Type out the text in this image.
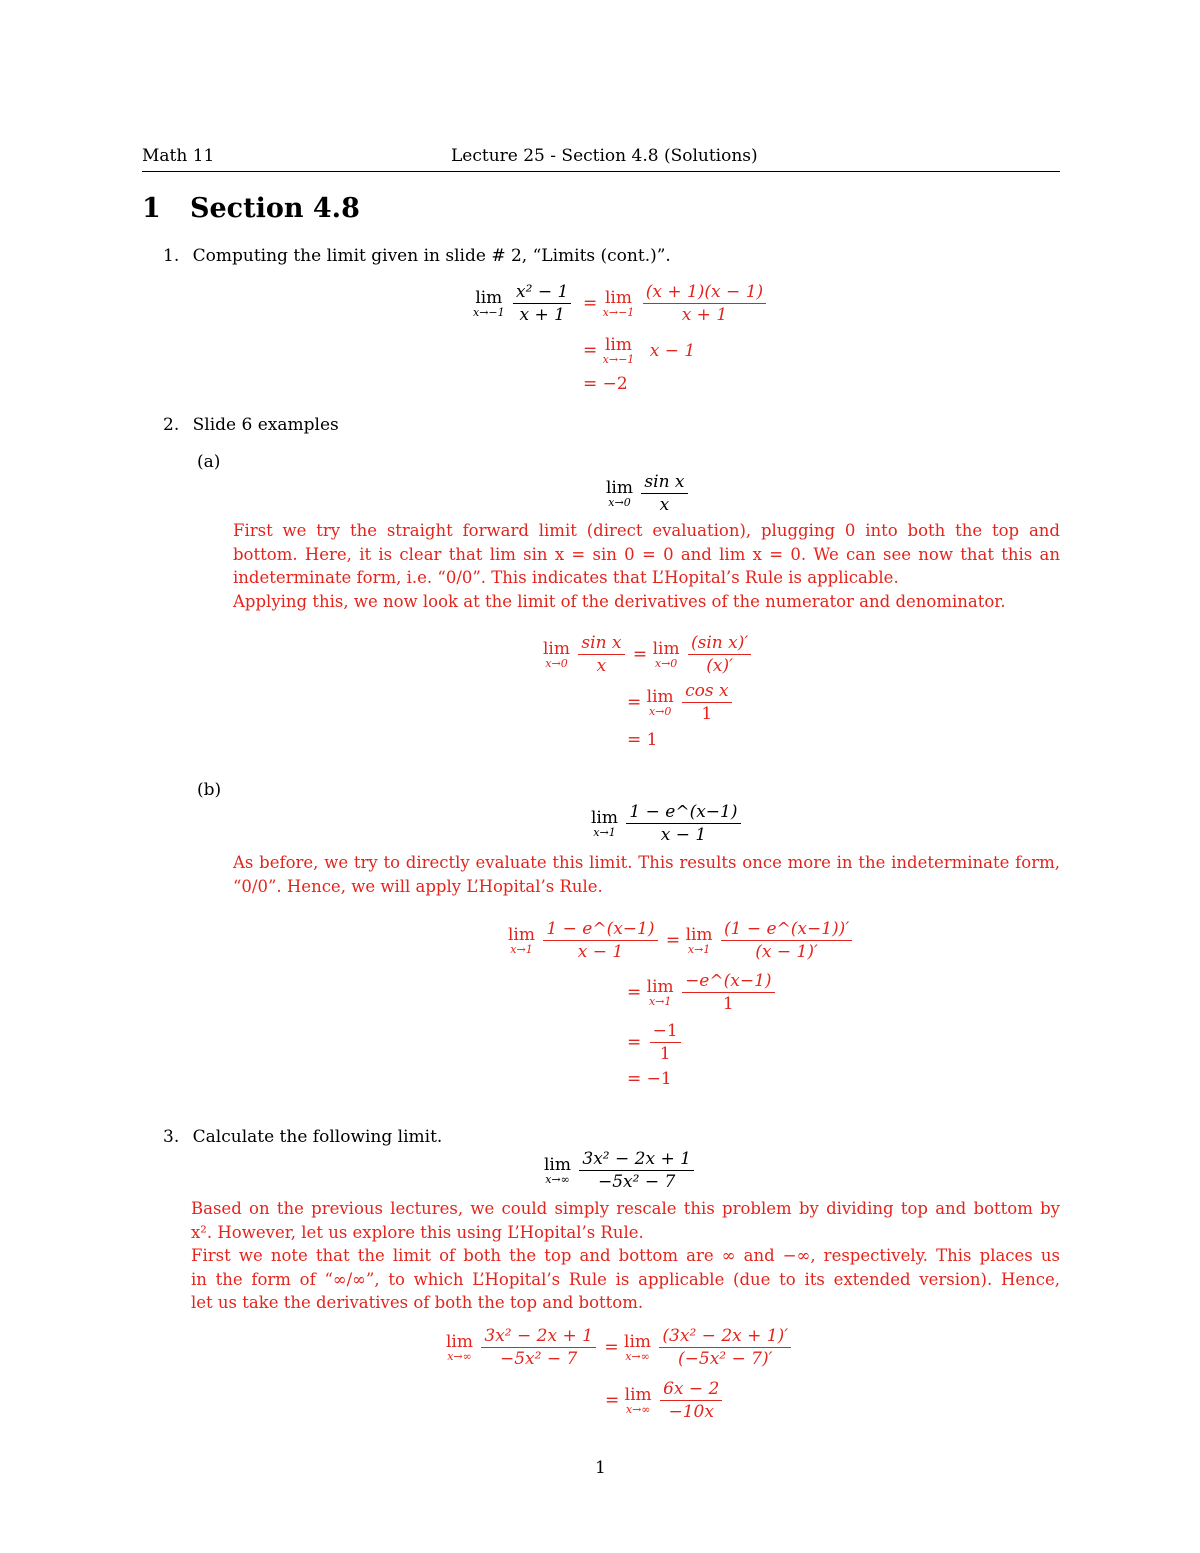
Math 11	Lecture 25 - Section 4.8 (Solutions)
1 Section 4.8
1. Computing the limit given in slide # 2, “Limits (cont.)”.
lim
x→−1
$\frac{\text{x² − 1}}{x + 1} = \lim$
x→−1
$\frac{(x + 1)(x - 1)}{x + 1}$
= lim
x→−1 x − 1
= −2
2. Slide 6 examples
(a)
lim
x→0
$\frac{\text{sin x}}{x}$
First we try the straight forward limit (direct evaluation), plugging 0 into both the top and
bottom. Here, it is clear that lim sin x = sin 0 = 0 and lim x = 0. We can see now that this an
indeterminate form, i.e. “0/0”. This indicates that L’Hopital’s Rule is applicable.
Applying this, we now look at the limit of the derivatives of the numerator and denominator.
lim
x→0
$\frac{\text{sin x}}{x} = \lim$
x→0
$\frac{\text{(sin x)′}}{(x)'}$
= lim
x→0
$\frac{\text{cos x}}{1}$
= 1
(b)
lim
x→1
$\frac{1 - e\^{}(x-1)}{x - 1}$
As before, we try to directly evaluate this limit. This results once more in the indeterminate form,
“0/0”. Hence, we will apply L’Hopital’s Rule.
lim
x→1
$\frac{1 - e\^{}(x-1)}{x - 1} = \lim$
x→1
$\frac{(1 - e\^{}(x-1))'}{(x - 1)'}$
= lim
x→1
$\frac{-e\^{}(x-1)}{1}$
= $\frac{-1}{1}$
= −1
3. Calculate the following limit.
lim
x→∞
$\frac{\text{3x² − 2x + 1}}{\text{−5x² − 7}}$
Based on the previous lectures, we could simply rescale this problem by dividing top and bottom by
x². However, let us explore this using L’Hopital’s Rule.
First we note that the limit of both the top and bottom are ∞ and −∞, respectively. This places us
in the form of “∞/∞”, to which L’Hopital’s Rule is applicable (due to its extended version). Hence,
let us take the derivatives of both the top and bottom.
lim
x→∞
$\frac{\text{3x² − 2x + 1}}{\text{−5x² − 7}} = \lim$
x→∞
$\frac{\text{(3x² − 2x + 1)′}}{\text{(−5x² − 7)′}}$
= lim
x→∞
$\frac{6x - 2}{-10x}$
1
